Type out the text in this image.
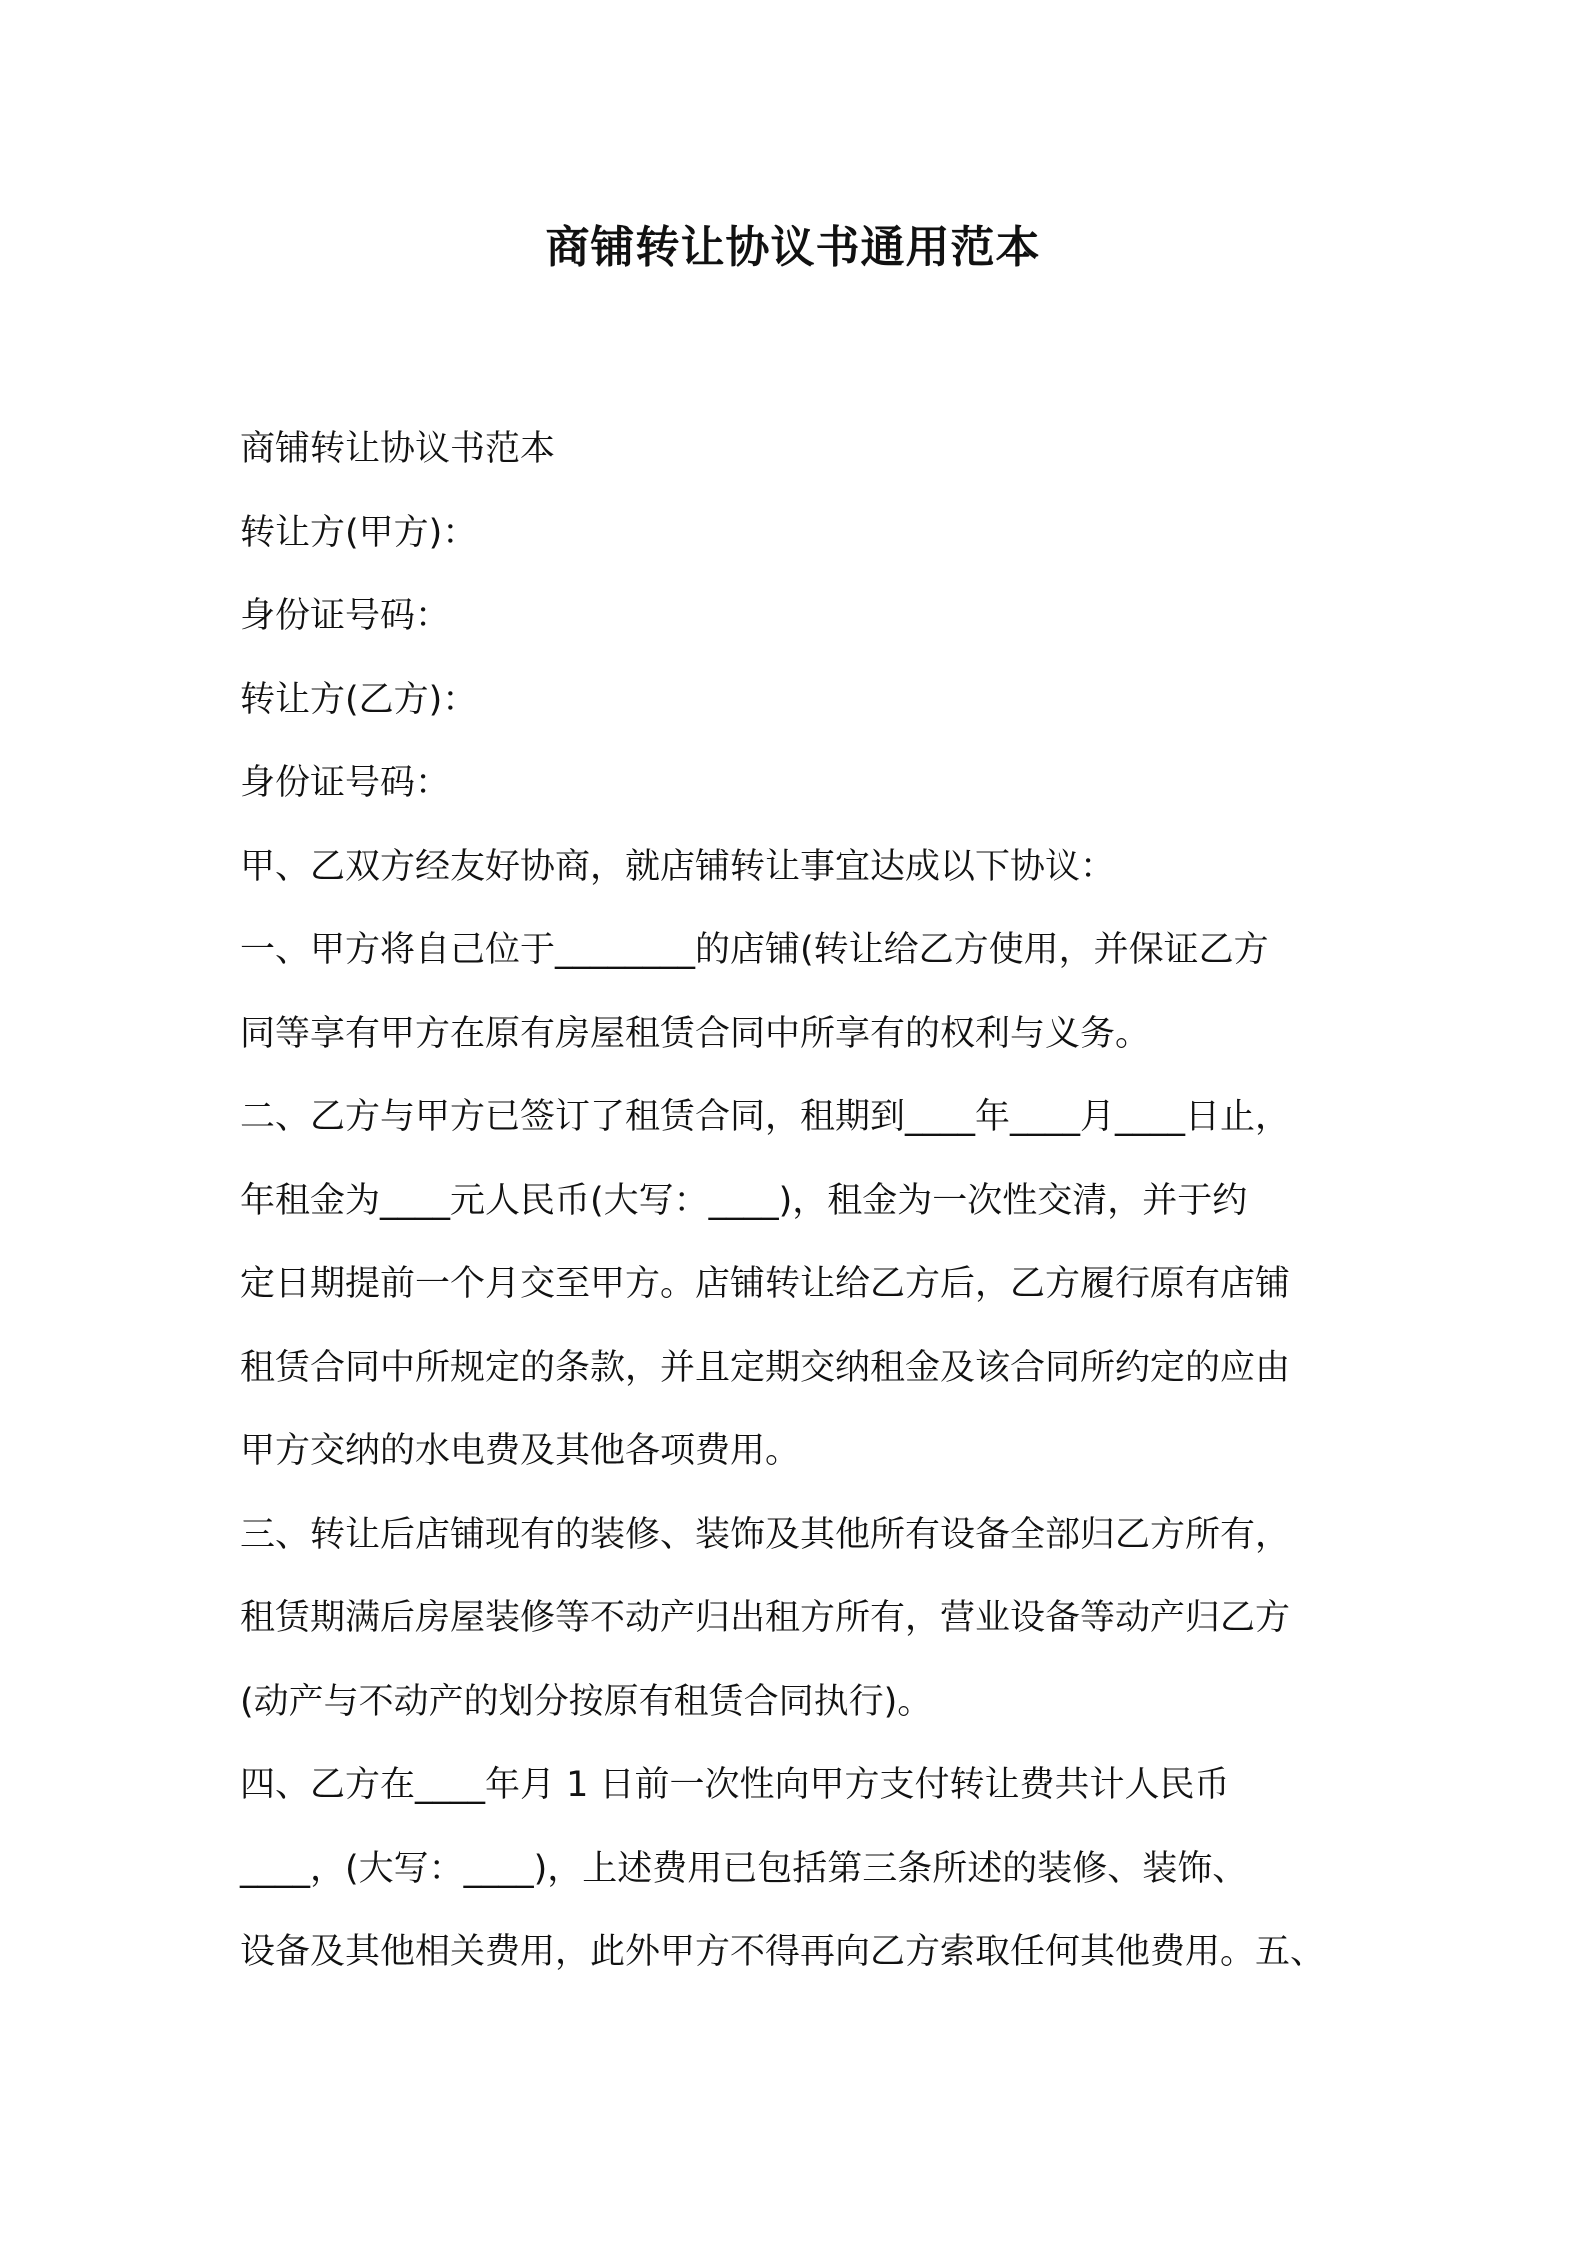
商铺转让协议书通用范本

商铺转让协议书范本

转让方(甲方)：

身份证号码：

转让方(乙方)：

身份证号码：

甲、乙双方经友好协商，就店铺转让事宜达成以下协议：

一、甲方将自己位于________的店铺(转让给乙方使用，并保证乙方

同等享有甲方在原有房屋租赁合同中所享有的权利与义务。

二、乙方与甲方已签订了租赁合同，租期到____年____月____日止，

年租金为____元人民币(大写：____)，租金为一次性交清，并于约

定日期提前一个月交至甲方。店铺转让给乙方后，乙方履行原有店铺

租赁合同中所规定的条款，并且定期交纳租金及该合同所约定的应由

甲方交纳的水电费及其他各项费用。

三、转让后店铺现有的装修、装饰及其他所有设备全部归乙方所有，

租赁期满后房屋装修等不动产归出租方所有，营业设备等动产归乙方

(动产与不动产的划分按原有租赁合同执行)。

四、乙方在____年月 1 日前一次性向甲方支付转让费共计人民币

____，(大写：____)，上述费用已包括第三条所述的装修、装饰、

设备及其他相关费用，此外甲方不得再向乙方索取任何其他费用。五、
